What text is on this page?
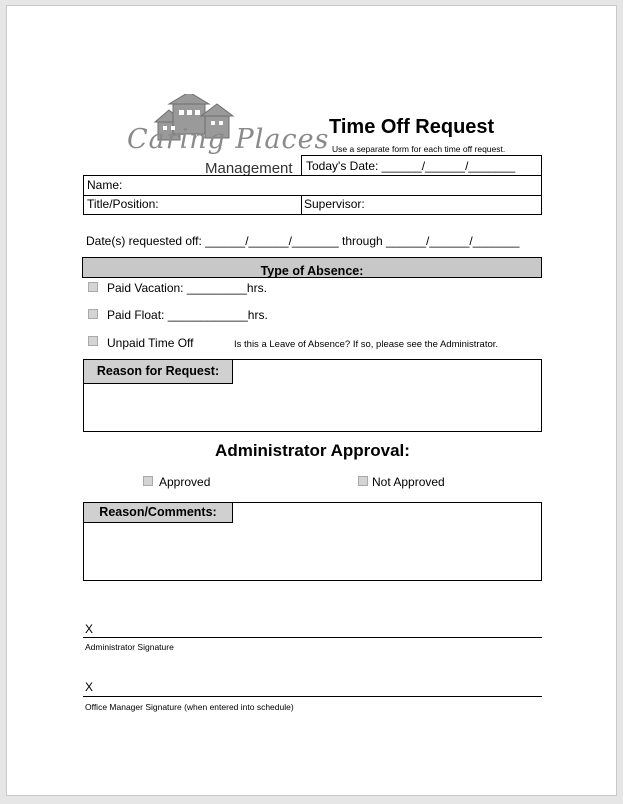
Caring Places
Management
Time Off Request
Use a separate form for each time off request.
Today's Date: ______/______/_______
Name:
Title/Position:	Supervisor:
Date(s) requested off: ______/______/_______ through ______/______/_______
Type of Absence:
Paid Vacation: _________hrs.
Paid Float: ____________hrs.
Unpaid Time Off	Is this a Leave of Absence? If so, please see the Administrator.
Reason for Request:
Administrator Approval:
Approved	Not Approved
Reason/Comments:
X
Administrator Signature
X
Office Manager Signature (when entered into schedule)
